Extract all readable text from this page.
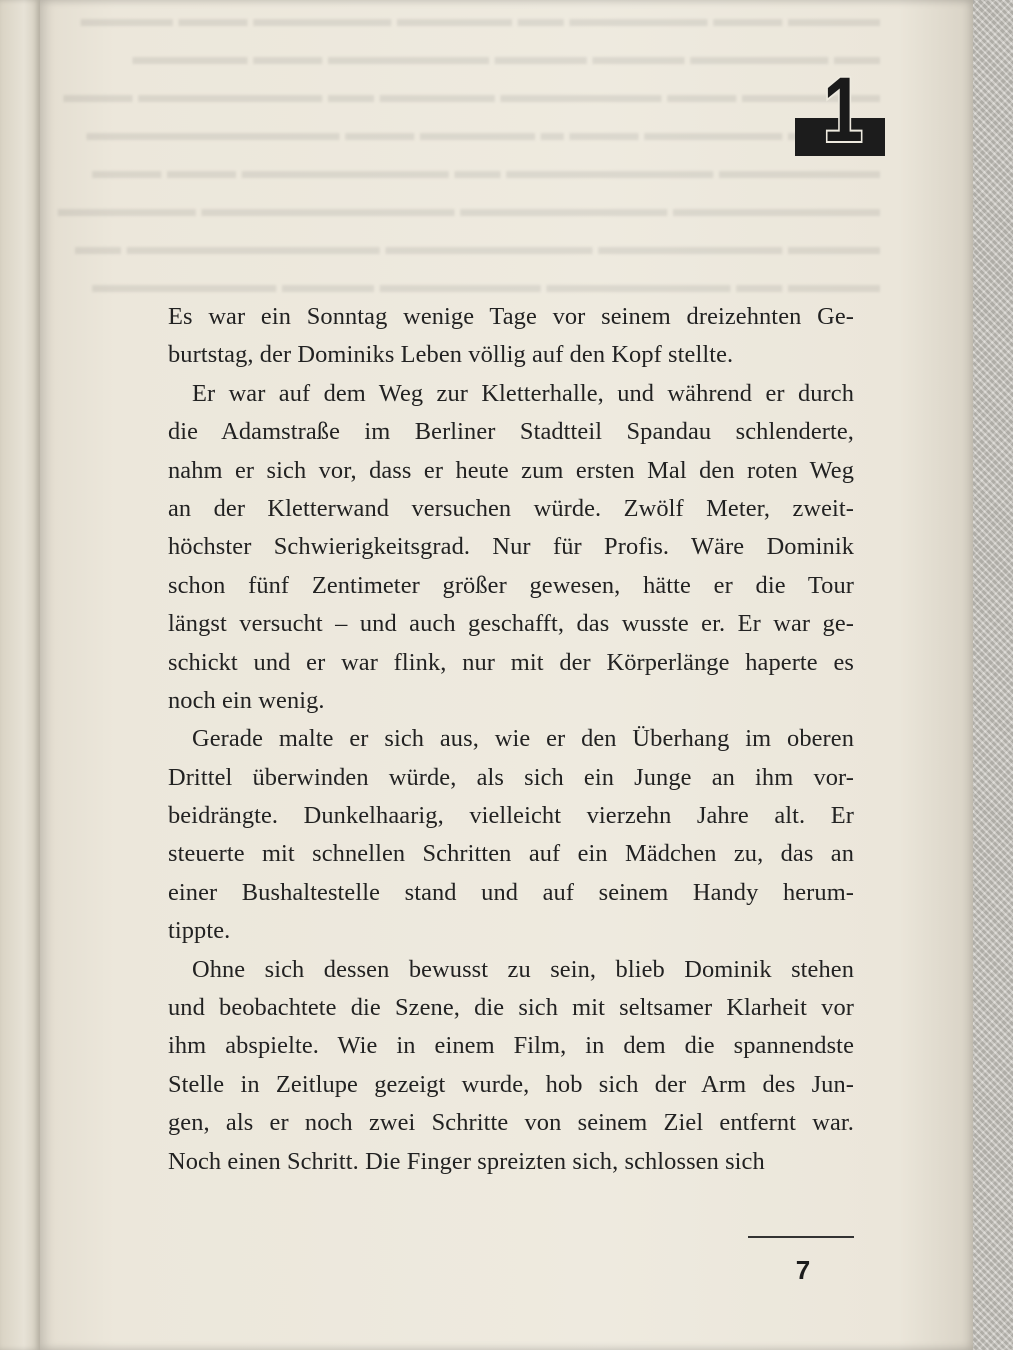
▬▬▬▬ ▬▬▬ ▬▬▬▬▬▬ ▬▬ ▬▬▬▬▬ ▬▬▬▬▬▬ ▬▬▬ ▬▬▬▬
▬▬ ▬▬▬▬▬▬ ▬▬▬▬ ▬▬▬▬ ▬▬▬▬▬▬▬ ▬▬▬ ▬▬▬▬▬
▬▬▬▬▬▬ ▬▬▬ ▬▬▬▬▬▬▬ ▬▬▬▬▬ ▬▬ ▬▬▬▬▬▬▬▬ ▬▬▬
▬▬▬▬ ▬▬▬▬▬▬ ▬▬▬ ▬ ▬▬▬▬▬ ▬▬▬ ▬▬▬▬▬▬▬▬▬▬▬
▬▬▬▬▬▬▬ ▬▬▬▬▬▬▬▬▬ ▬▬ ▬▬▬▬▬▬▬▬▬ ▬▬▬ ▬▬▬
▬▬▬▬▬▬▬▬▬ ▬▬▬▬▬▬▬▬▬ ▬▬▬▬▬▬▬▬▬▬▬ ▬▬▬▬▬▬
▬▬▬▬ ▬▬▬▬▬▬▬▬ ▬▬▬▬▬▬▬▬▬ ▬▬▬▬▬▬▬▬▬▬▬ ▬▬
▬▬▬▬ ▬▬ ▬▬▬▬▬▬▬▬ ▬▬▬▬▬▬▬ ▬▬▬▬ ▬▬▬▬▬▬▬▬
1
Es war ein Sonntag wenige Tage vor seinem dreizehnten Ge-
burtstag, der Dominiks Leben völlig auf den Kopf stellte.
Er war auf dem Weg zur Kletterhalle, und während er durch
die Adamstraße im Berliner Stadtteil Spandau schlenderte,
nahm er sich vor, dass er heute zum ersten Mal den roten Weg
an der Kletterwand versuchen würde. Zwölf Meter, zweit-
höchster Schwierigkeitsgrad. Nur für Profis. Wäre Dominik
schon fünf Zentimeter größer gewesen, hätte er die Tour
längst versucht – und auch geschafft, das wusste er. Er war ge-
schickt und er war flink, nur mit der Körperlänge haperte es
noch ein wenig.
Gerade malte er sich aus, wie er den Überhang im oberen
Drittel überwinden würde, als sich ein Junge an ihm vor-
beidrängte. Dunkelhaarig, vielleicht vierzehn Jahre alt. Er
steuerte mit schnellen Schritten auf ein Mädchen zu, das an
einer Bushaltestelle stand und auf seinem Handy herum-
tippte.
Ohne sich dessen bewusst zu sein, blieb Dominik stehen
und beobachtete die Szene, die sich mit seltsamer Klarheit vor
ihm abspielte. Wie in einem Film, in dem die spannendste
Stelle in Zeitlupe gezeigt wurde, hob sich der Arm des Jun-
gen, als er noch zwei Schritte von seinem Ziel entfernt war.
Noch einen Schritt. Die Finger spreizten sich, schlossen sich
7
